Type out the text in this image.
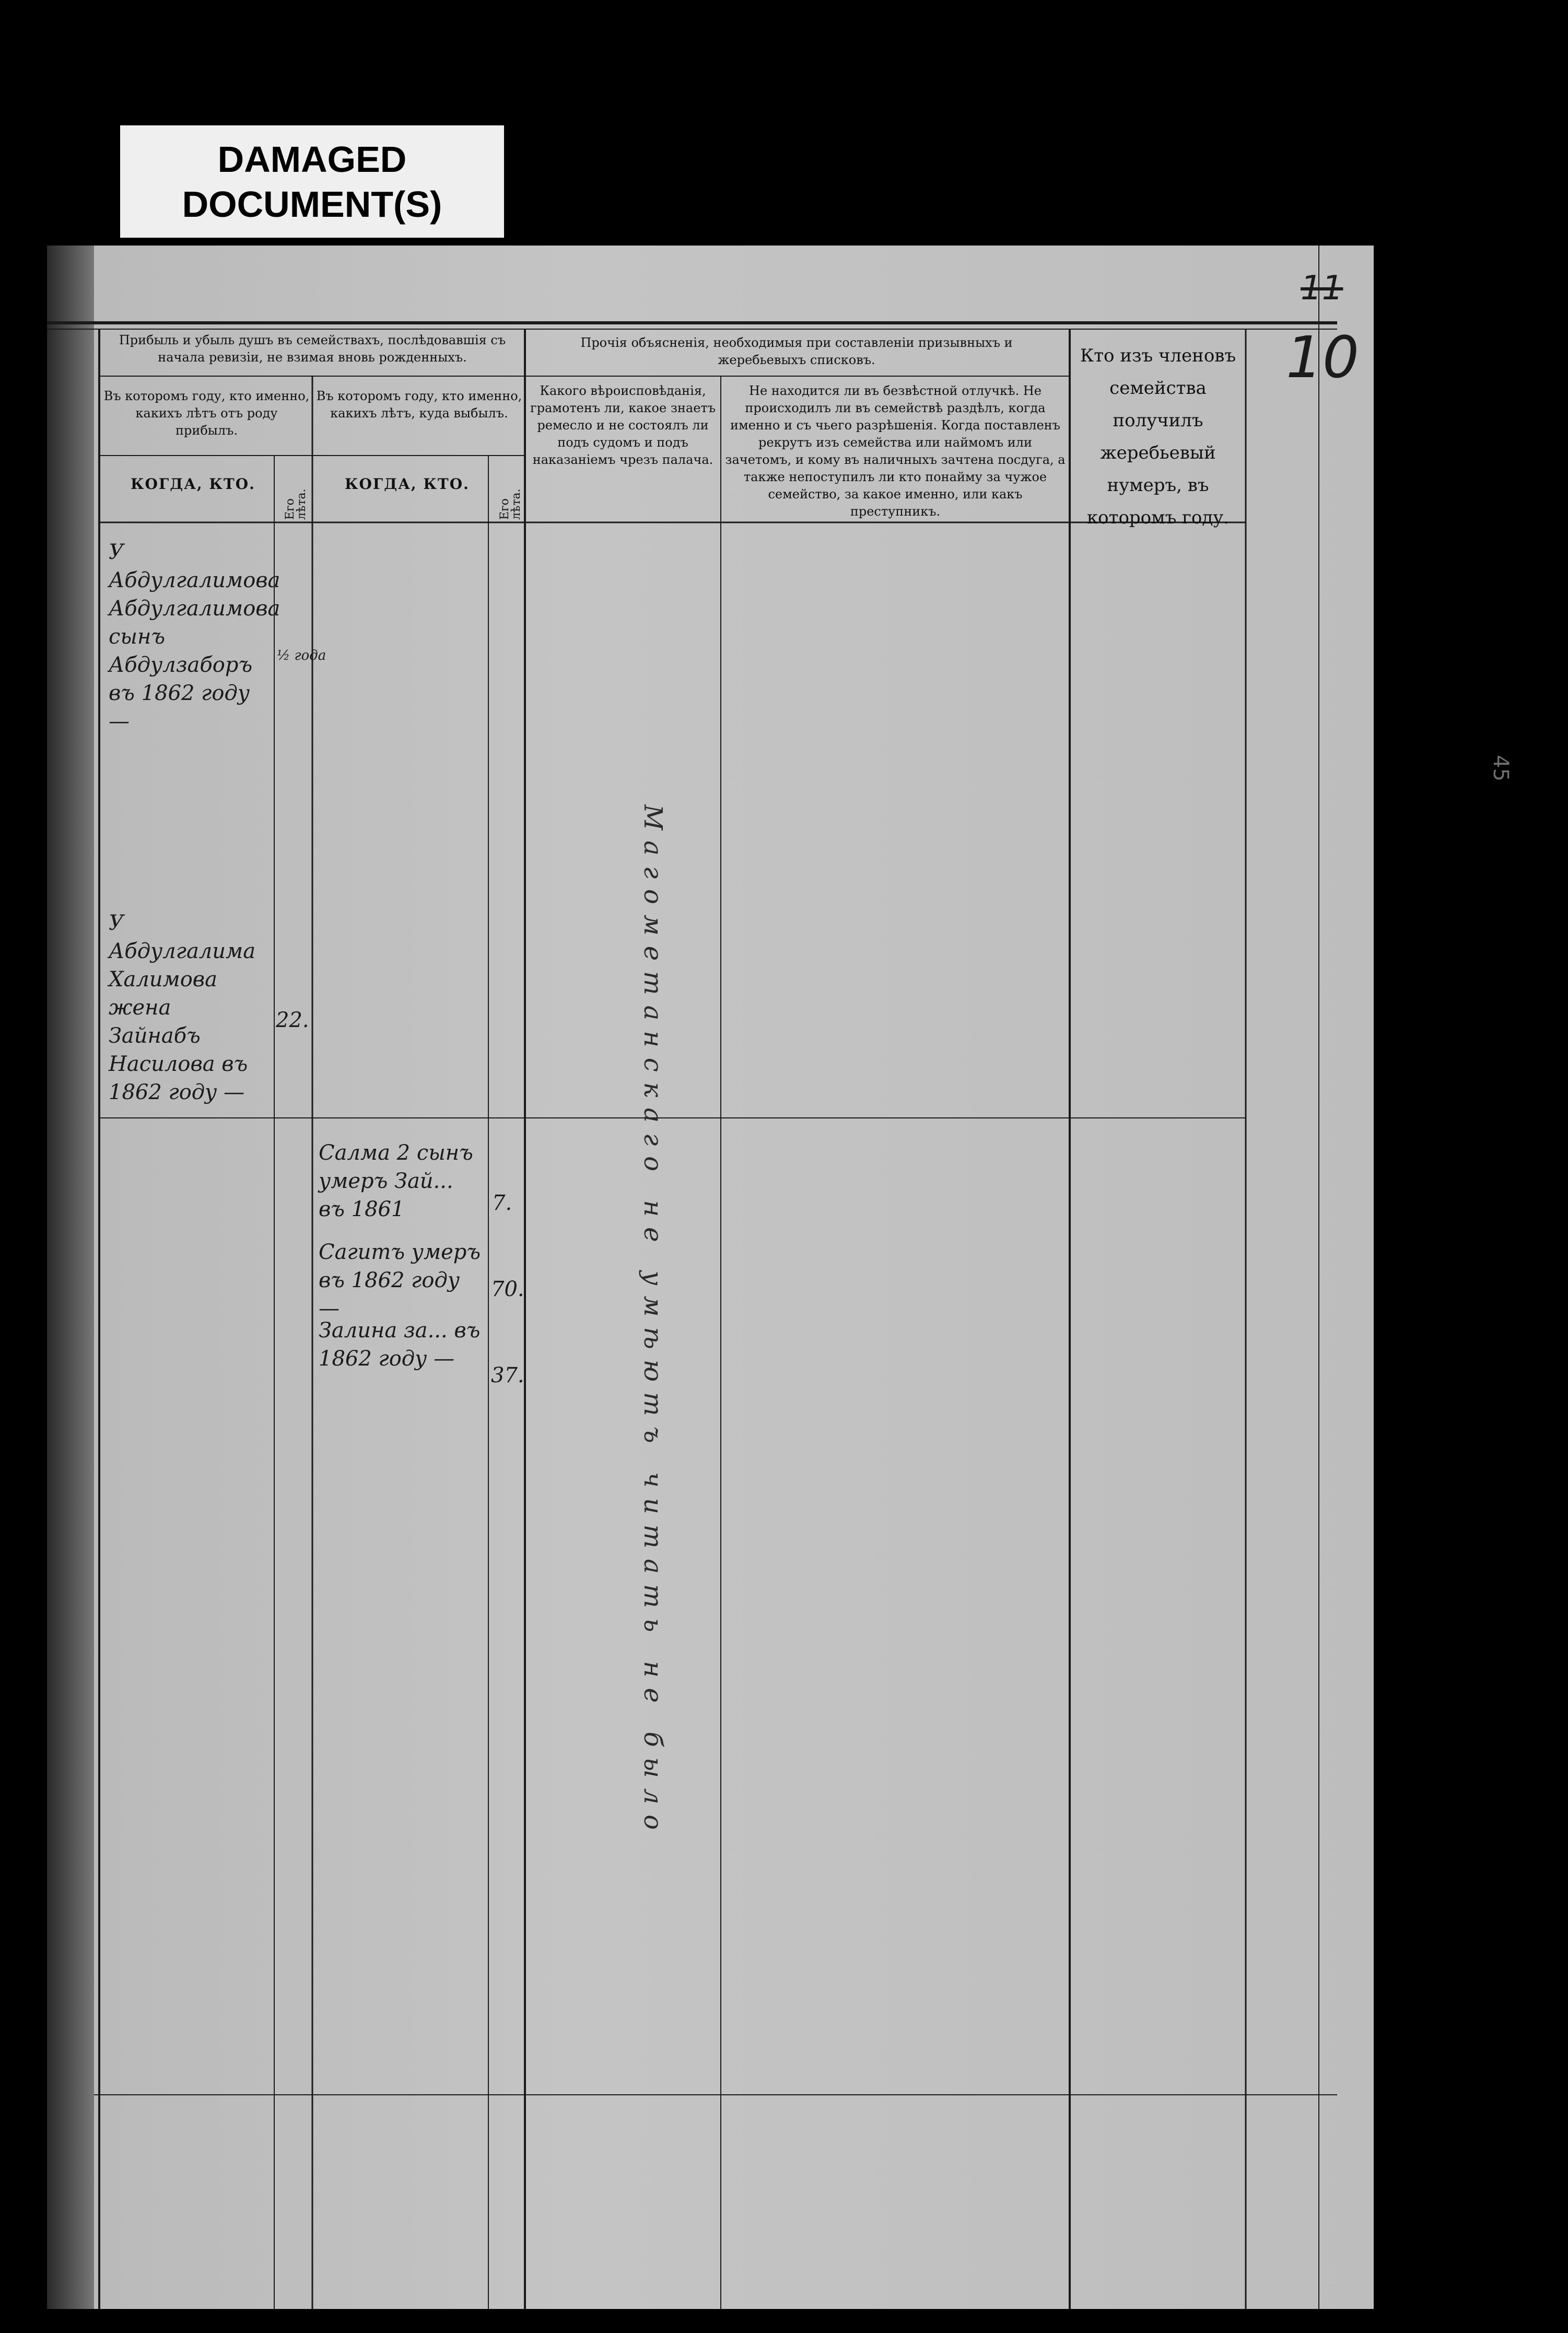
DAMAGED
DOCUMENT(S)
Прибыль и убыль душъ въ семействахъ, послѣдовавшія съ начала ревизіи, не взимая вновь рожденныхъ.
Въ которомъ году, кто именно, какихъ лѣтъ отъ роду прибылъ.
Въ которомъ году, кто именно, какихъ лѣтъ, куда выбылъ.
КОГДА, КТО.
Его лѣта.
КОГДА, КТО.
Его лѣта.
Прочія объясненія, необходимыя при составленіи призывныхъ и жеребьевыхъ списковъ.
Какого вѣроисповѣданія, грамотенъ ли, какое знаетъ ремесло и не состоялъ ли подъ судомъ и подъ наказаніемъ чрезъ палача.
Не находится ли въ безвѣстной отлучкѣ. Не происходилъ ли въ семействѣ раздѣлъ, когда именно и съ чьего разрѣшенія. Когда поставленъ рекрутъ изъ семейства или наймомъ или зачетомъ, и кому въ наличныхъ зачтена посдуга, а также непоступилъ ли кто понайму за чужое семейство, за какое именно, или какъ преступникъ.
Кто изъ членовъ семейства получилъ жеребьевый нумеръ, въ которомъ году.
У Абдулгалимова Абдулгалимова сынъ Абдулзаборъ въ 1862 году —
½ года
У Абдулгалима Халимова жена Зайнабъ Насилова въ 1862 году —
22.
Салма 2 сынъ умеръ Зай... въ 1861	7.
Сагитъ умеръ въ 1862 году —
70.
Залина за... въ 1862 году —
37.	Магометанскаго не умѣютъ читать не было
11
10
45
